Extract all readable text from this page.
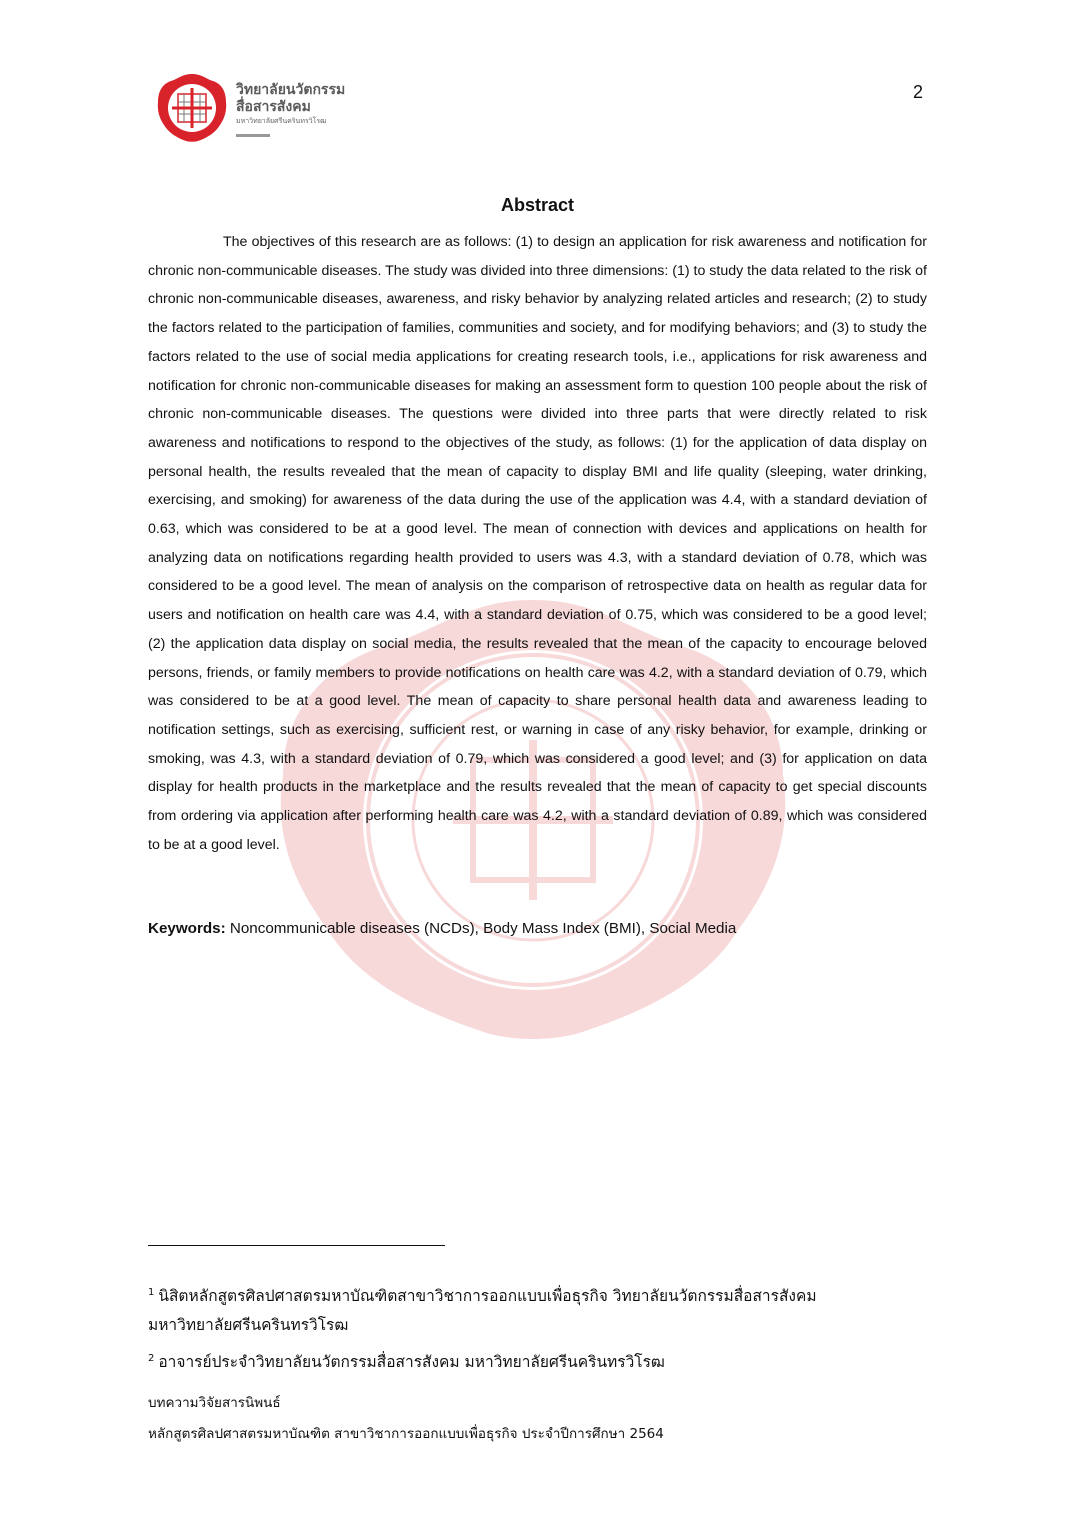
วิทยาลัยนวัตกรรม
สื่อสารสังคม
มหาวิทยาลัยศรีนครินทรวิโรฒ
2
Abstract

The objectives of this research are as follows: (1) to design an application for risk awareness and notification for chronic non-communicable diseases. The study was divided into three dimensions: (1) to study the data related to the risk of chronic non-communicable diseases, awareness, and risky behavior by analyzing related articles and research; (2) to study the factors related to the participation of families, communities and society, and for modifying behaviors; and (3) to study the factors related to the use of social media applications for creating research tools, i.e., applications for risk awareness and notification for chronic non-communicable diseases for making an assessment form to question 100 people about the risk of chronic non-communicable diseases. The questions were divided into three parts that were directly related to risk awareness and notifications to respond to the objectives of the study, as follows: (1) for the application of data display on personal health, the results revealed that the mean of capacity to display BMI and life quality (sleeping, water drinking, exercising, and smoking) for awareness of the data during the use of the application was 4.4, with a standard deviation of 0.63, which was considered to be at a good level. The mean of connection with devices and applications on health for analyzing data on notifications regarding health provided to users was 4.3, with a standard deviation of 0.78, which was considered to be a good level. The mean of analysis on the comparison of retrospective data on health as regular data for users and notification on health care was 4.4, with a standard deviation of 0.75, which was considered to be a good level; (2) the application data display on social media, the results revealed that the mean of the capacity to encourage beloved persons, friends, or family members to provide notifications on health care was 4.2, with a standard deviation of 0.79, which was considered to be at a good level. The mean of capacity to share personal health data and awareness leading to notification settings, such as exercising, sufficient rest, or warning in case of any risky behavior, for example, drinking or smoking, was 4.3, with a standard deviation of 0.79, which was considered a good level; and (3) for application on data display for health products in the marketplace and the results revealed that the mean of capacity to get special discounts from ordering via application after performing health care was 4.2, with a standard deviation of 0.89, which was considered to be at a good level.

Keywords: Noncommunicable diseases (NCDs), Body Mass Index (BMI), Social Media
$^1$ นิสิตหลักสูตรศิลปศาสตรมหาบัณฑิตสาขาวิชาการออกแบบเพื่อธุรกิจ วิทยาลัยนวัตกรรมสื่อสารสังคม
มหาวิทยาลัยศรีนครินทรวิโรฒ
$^2$ อาจารย์ประจำวิทยาลัยนวัตกรรมสื่อสารสังคม มหาวิทยาลัยศรีนครินทรวิโรฒ
บทความวิจัยสารนิพนธ์
หลักสูตรศิลปศาสตรมหาบัณฑิต สาขาวิชาการออกแบบเพื่อธุรกิจ ประจำปีการศึกษา 2564
